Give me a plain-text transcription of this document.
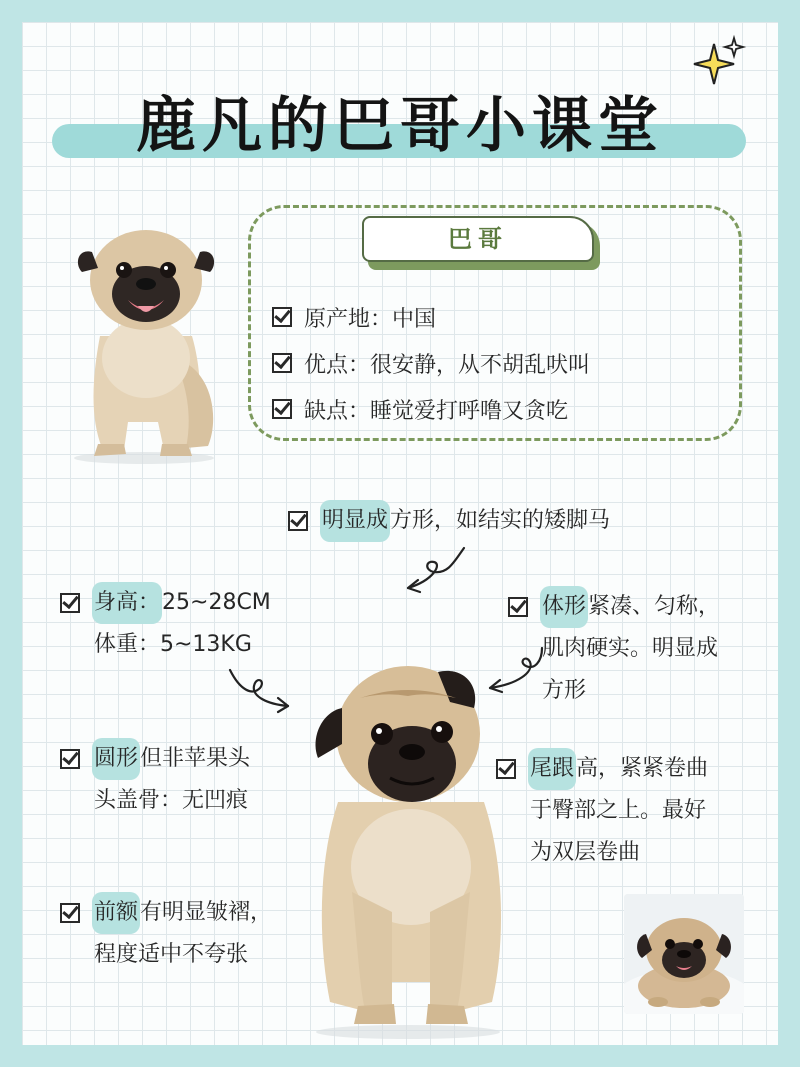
鹿凡的巴哥小课堂
巴哥
原产地：中国
优点：很安静，从不胡乱吠叫
缺点：睡觉爱打呼噜又贪吃
明显成 方形，如结实的矮脚马
身高： 25~28CM
体重：5~13KG
体形 紧凑、匀称，
肌肉硬实。明显成
方形
圆形 但非苹果头
头盖骨：无凹痕
尾跟 高，紧紧卷曲
于臀部之上。最好
为双层卷曲
前额 有明显皱褶，
程度适中不夸张
